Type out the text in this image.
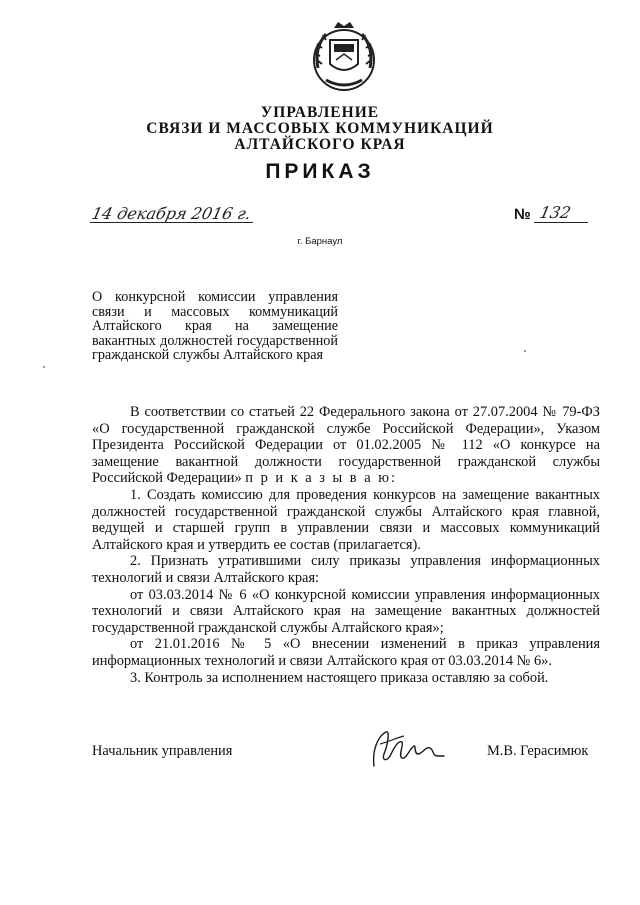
УПРАВЛЕНИЕ
СВЯЗИ И МАССОВЫХ КОММУНИКАЦИЙ
АЛТАЙСКОГО КРАЯ
ПРИКАЗ
14 декабря 2016 г.	№ 132
г. Барнаул
О конкурсной комиссии управления связи и массовых коммуникаций Алтайского края на замещение вакантных должностей государственной гражданской службы Алтайского края

В соответствии со статьей 22 Федерального закона от 27.07.2004 № 79-ФЗ «О государственной гражданской службе Российской Федерации», Указом Президента Российской Федерации от 01.02.2005 № 112 «О конкурсе на замещение вакантной должности государственной гражданской службы Российской Федерации» п р и к а з ы в а ю:

1. Создать комиссию для проведения конкурсов на замещение вакантных должностей государственной гражданской службы Алтайского края главной, ведущей и старшей групп в управлении связи и массовых коммуникаций Алтайского края и утвердить ее состав (прилагается).

2. Признать утратившими силу приказы управления информационных технологий и связи Алтайского края:

от 03.03.2014 № 6 «О конкурсной комиссии управления информационных технологий и связи Алтайского края на замещение вакантных должностей государственной гражданской службы Алтайского края»;

от 21.01.2016 № 5 «О внесении изменений в приказ управления информационных технологий и связи Алтайского края от 03.03.2014 № 6».

3. Контроль за исполнением настоящего приказа оставляю за собой.

Начальник управления	М.В. Герасимюк
